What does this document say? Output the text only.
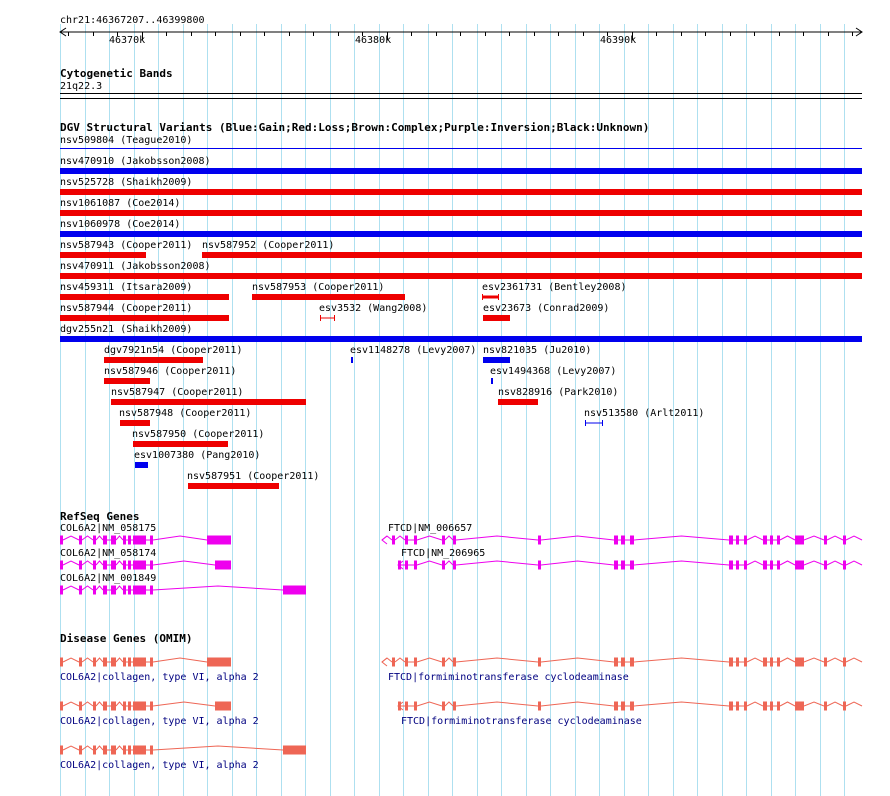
chr21:46367207..46399800
46370k	46380k	46390k
Cytogenetic Bands
21q22.3
DGV Structural Variants (Blue:Gain;Red:Loss;Brown:Complex;Purple:Inversion;Black:Unknown)
nsv509804 (Teague2010)
nsv470910 (Jakobsson2008)
nsv525728 (Shaikh2009)
nsv1061087 (Coe2014)
nsv1060978 (Coe2014)
nsv587943 (Cooper2011) nsv587952 (Cooper2011)
nsv470911 (Jakobsson2008)
nsv459311 (Itsara2009)	nsv587953 (Cooper2011)	esv2361731 (Bentley2008)
nsv587944 (Cooper2011)	esv3532 (Wang2008)	esv23673 (Conrad2009)
dgv255n21 (Shaikh2009)
dgv7921n54 (Cooper2011)	esv1148278 (Levy2007) nsv821035 (Ju2010)
nsv587946 (Cooper2011)	esv1494368 (Levy2007)
nsv587947 (Cooper2011)	nsv828916 (Park2010)
nsv587948 (Cooper2011)	nsv513580 (Arlt2011)
nsv587950 (Cooper2011)
esv1007380 (Pang2010)
nsv587951 (Cooper2011)
RefSeq Genes
COL6A2|NM_058175
COL6A2|NM_058174
COL6A2|NM_001849
FTCD|NM_006657
FTCD|NM_206965
Disease Genes (OMIM)
COL6A2|collagen, type VI, alpha 2
COL6A2|collagen, type VI, alpha 2
COL6A2|collagen, type VI, alpha 2
FTCD|formiminotransferase cyclodeaminase
FTCD|formiminotransferase cyclodeaminase
